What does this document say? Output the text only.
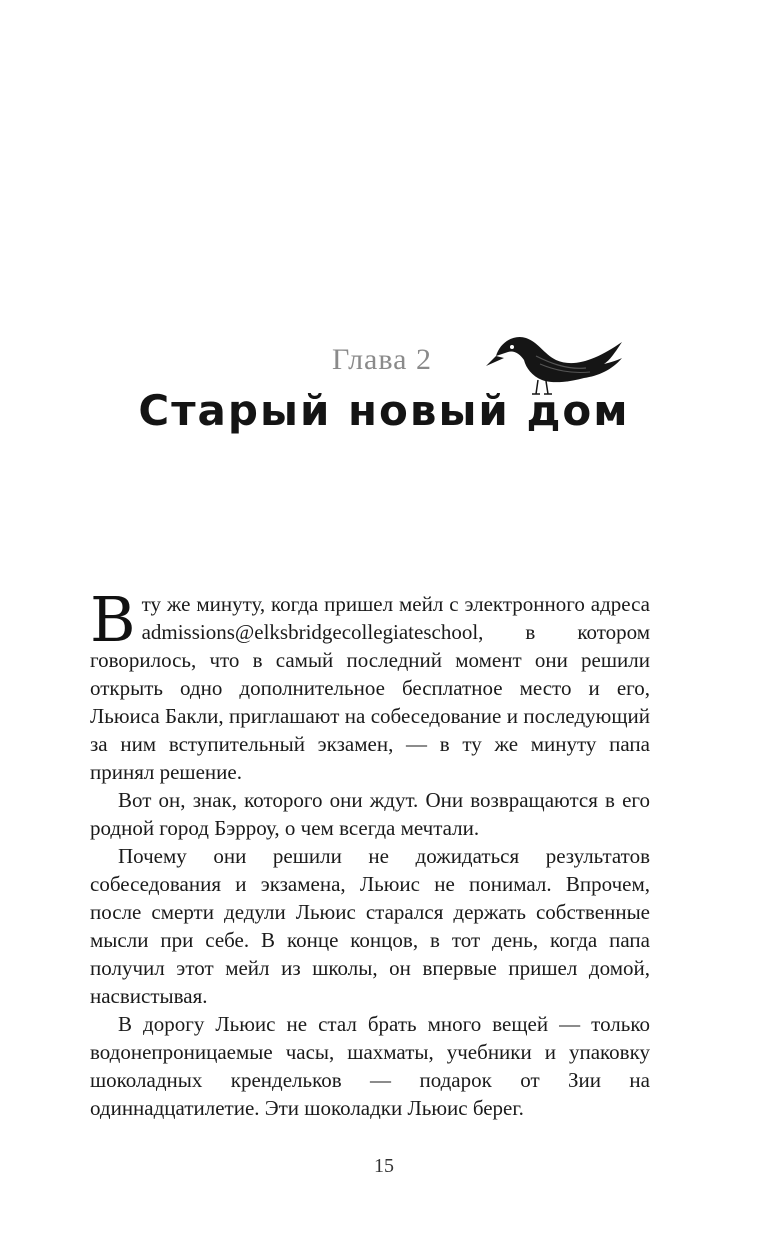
Глава 2
Старый новый дом

Вту же минуту, когда пришел мейл с электронного адреса admissions@elksbridgecollegiateschool, в котором говорилось, что в самый последний момент они решили открыть одно дополнительное бесплатное место и его, Льюиса Бакли, приглашают на собеседование и последующий за ним вступительный экзамен, — в ту же минуту папа принял решение.

Вот он, знак, которого они ждут. Они возвращаются в его родной город Бэрроу, о чем всегда мечтали.

Почему они решили не дожидаться результатов собеседования и экзамена, Льюис не понимал. Впрочем, после смерти дедули Льюис старался держать собственные мысли при себе. В конце концов, в тот день, когда папа получил этот мейл из школы, он впервые пришел домой, насвистывая.

В дорогу Льюис не стал брать много вещей — только водонепроницаемые часы, шахматы, учебники и упаковку шоколадных крендельков — подарок от Зии на одиннадцатилетие. Эти шоколадки Льюис берег.

15
